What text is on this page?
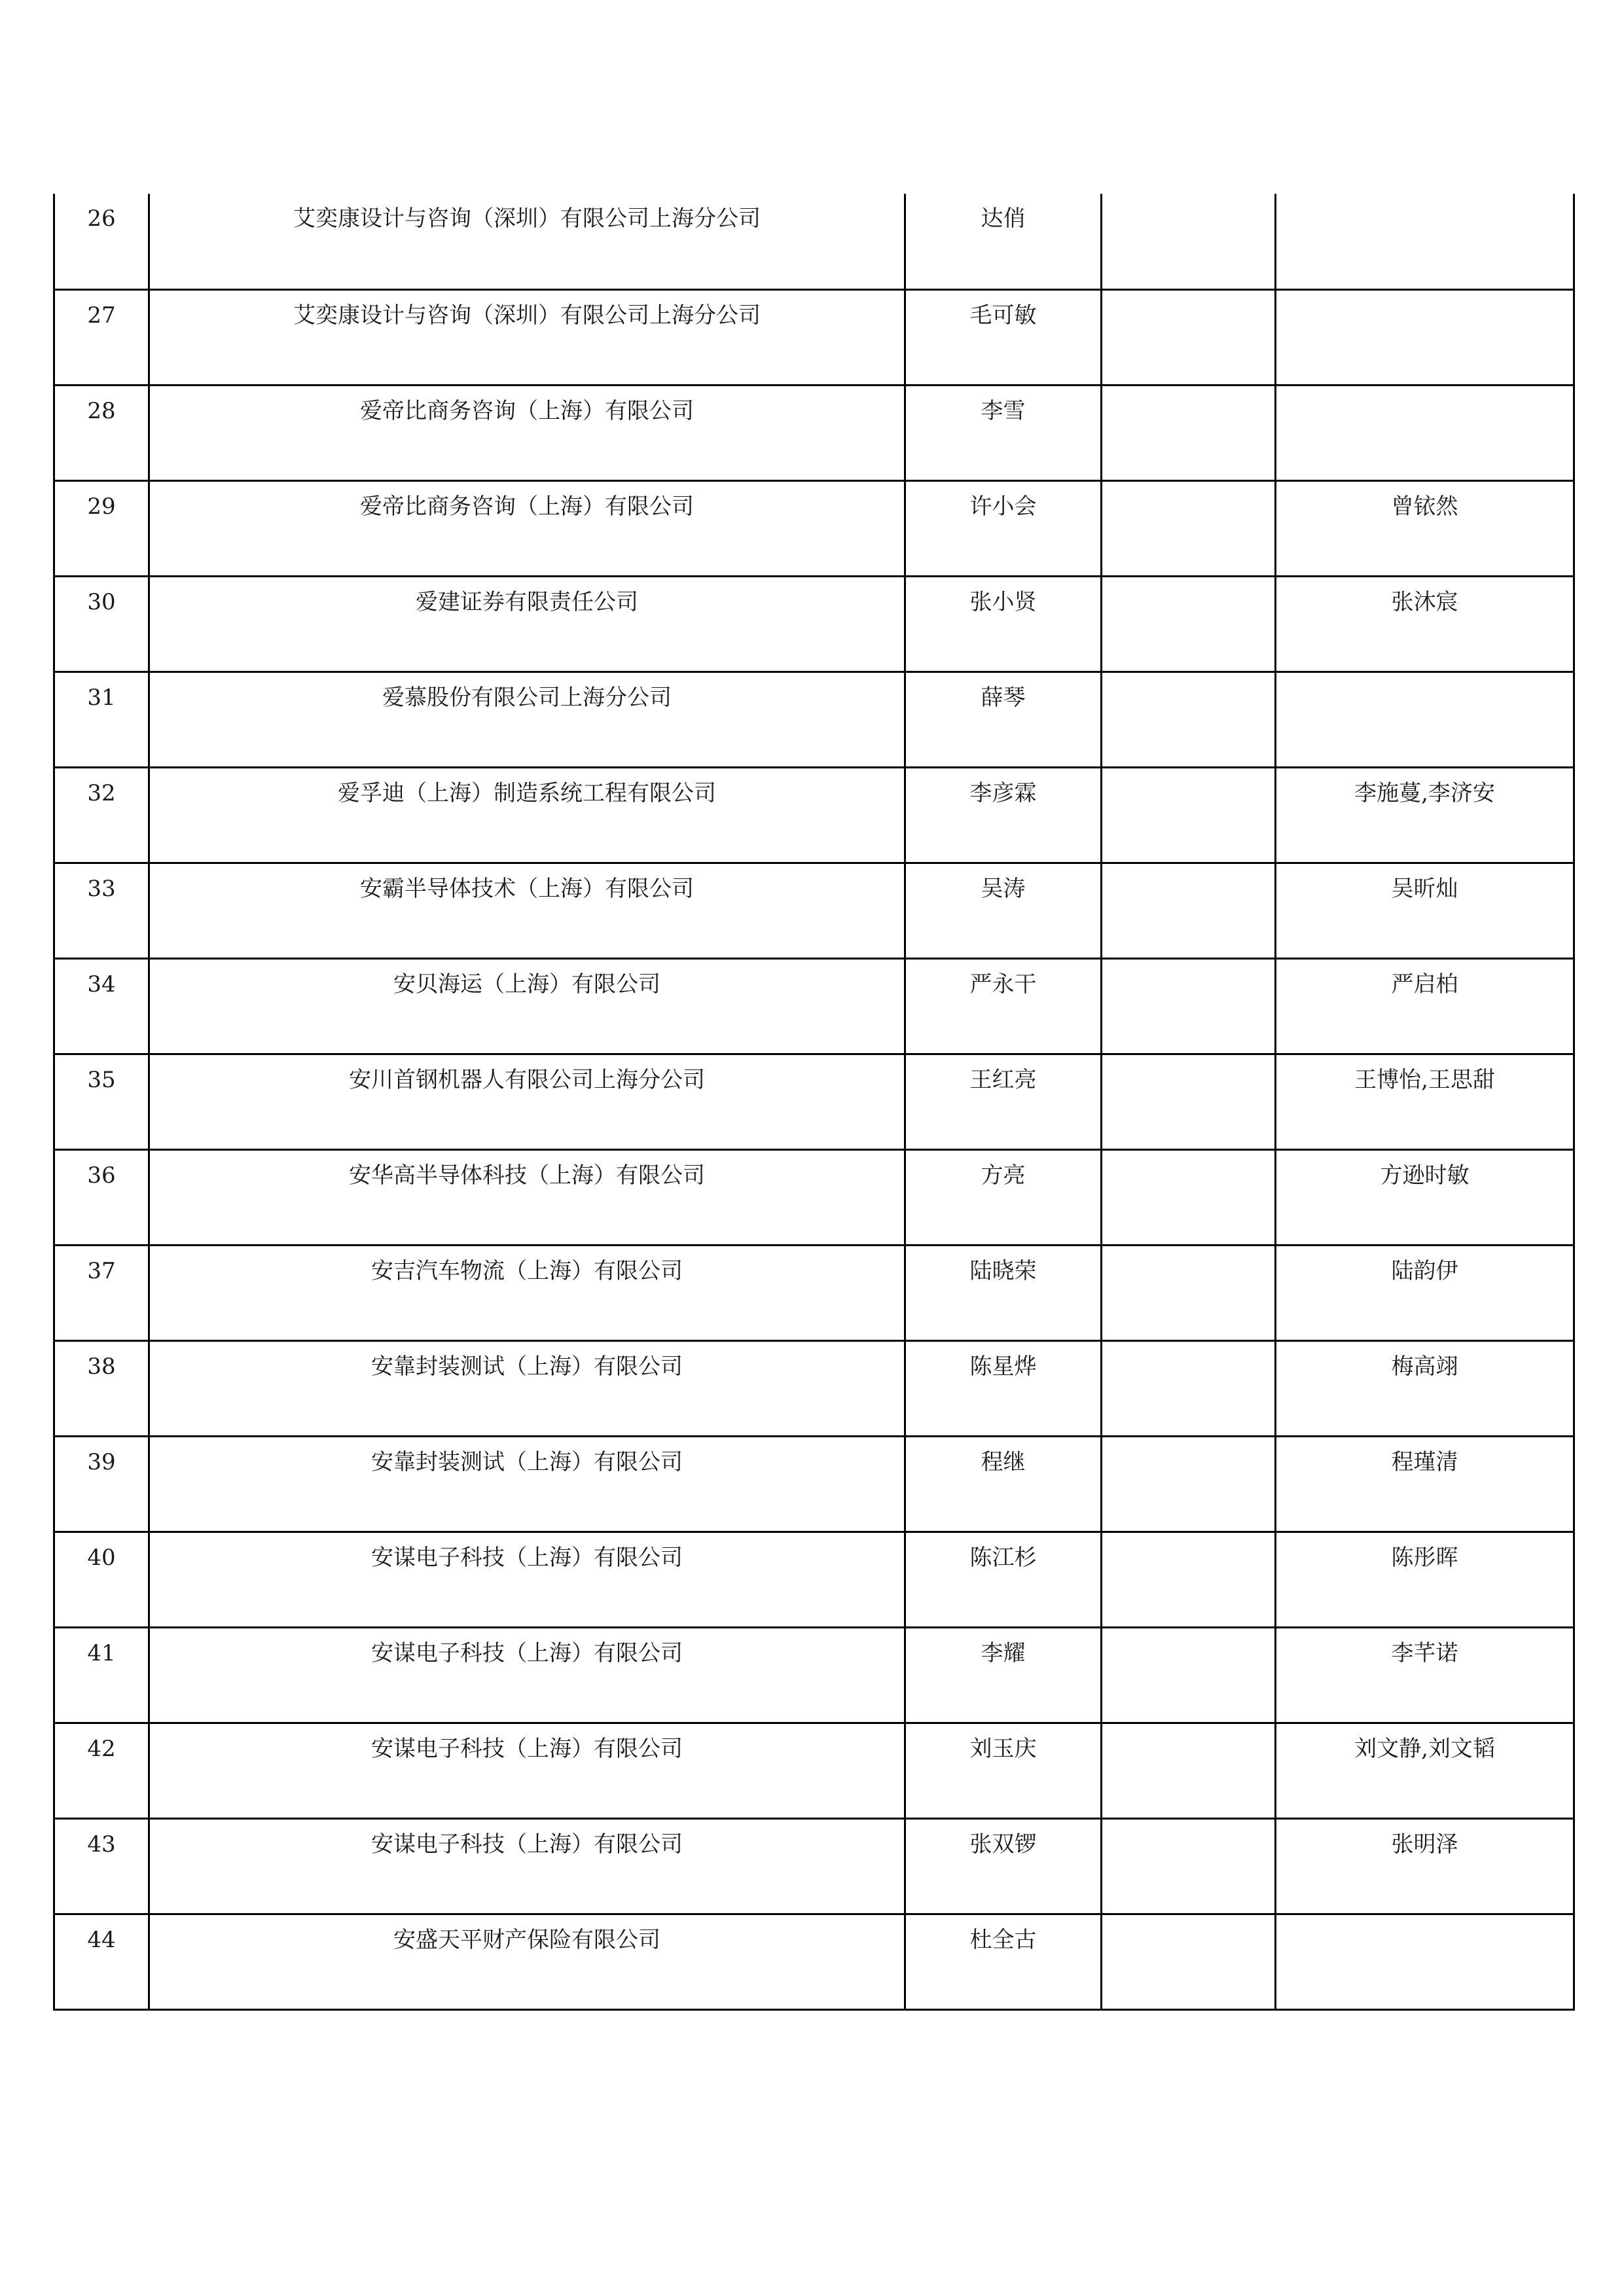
26	艾奕康设计与咨询（深圳）有限公司上海分公司	达俏		
27	艾奕康设计与咨询（深圳）有限公司上海分公司	毛可敏		
28	爱帝比商务咨询（上海）有限公司	李雪		
29	爱帝比商务咨询（上海）有限公司	许小会		曾铱然
30	爱建证券有限责任公司	张小贤		张沐宸
31	爱慕股份有限公司上海分公司	薛琴		
32	爱孚迪（上海）制造系统工程有限公司	李彦霖		李施蔓,李济安
33	安霸半导体技术（上海）有限公司	吴涛		吴昕灿
34	安贝海运（上海）有限公司	严永干		严启柏
35	安川首钢机器人有限公司上海分公司	王红亮		王博怡,王思甜
36	安华高半导体科技（上海）有限公司	方亮		方逊时敏
37	安吉汽车物流（上海）有限公司	陆晓荣		陆韵伊
38	安靠封装测试（上海）有限公司	陈星烨		梅高翊
39	安靠封装测试（上海）有限公司	程继		程瑾清
40	安谋电子科技（上海）有限公司	陈江杉		陈彤晖
41	安谋电子科技（上海）有限公司	李耀		李芊诺
42	安谋电子科技（上海）有限公司	刘玉庆		刘文静,刘文韬
43	安谋电子科技（上海）有限公司	张双锣		张明泽
44	安盛天平财产保险有限公司	杜全古		
